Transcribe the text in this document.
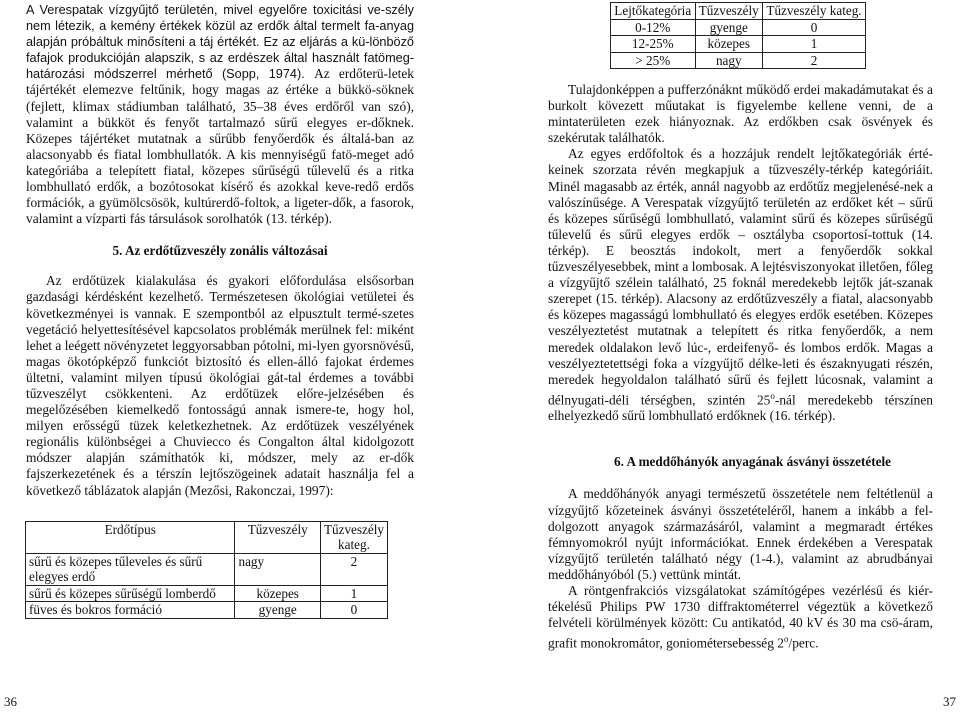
A Verespatak vízgyűjtő területén, mivel egyelőre toxicitási ve-szély nem létezik, a kemény értékek közül az erdők által termelt fa-anyag alapján próbáltuk minősíteni a táj értékét. Ez az eljárás a kü-lönböző fafajok produkcióján alapszik, s az erdészek által használt fatömeg-határozási módszerrel mérhető (Sopp, 1974). Az erdőterü-letek tájértékét elemezve feltűnik, hogy magas az értéke a bükkö-söknek (fejlett, klimax stádiumban található, 35–38 éves erdőről van szó), valamint a bükköt és fenyőt tartalmazó sűrű elegyes er-dőknek. Közepes tájértéket mutatnak a sűrűbb fenyőerdők és általá-ban az alacsonyabb és fiatal lombhullatók. A kis mennyiségű fatö-meget adó kategóriába a telepített fiatal, közepes sűrűségű tűlevelű és a ritka lombhullató erdők, a bozótosokat kísérő és azokkal keve-redő erdős formációk, a gyümölcsösök, kultúrerdő-foltok, a ligeter-dők, a fasorok, valamint a vízparti fás társulások sorolhatók (13. térkép).

5. Az erdőtűzveszély zonális változásai

Az erdőtüzek kialakulása és gyakori előfordulása elsősorban gazdasági kérdésként kezelhető. Természetesen ökológiai vetületei és következményei is vannak. E szempontból az elpusztult termé-szetes vegetáció helyettesítésével kapcsolatos problémák merülnek fel: miként lehet a leégett növényzetet leggyorsabban pótolni, mi-lyen gyorsnövésű, magas ökotópképző funkciót biztosító és ellen-álló fajokat érdemes ültetni, valamint milyen típusú ökológiai gát-tal érdemes a további tűzveszélyt csökkenteni. Az erdőtüzek előre-jelzésében és megelőzésében kiemelkedő fontosságú annak ismere-te, hogy hol, milyen erősségű tüzek keletkezhetnek. Az erdőtüzek veszélyének regionális különbségei a Chuviecco és Congalton által kidolgozott módszer alapján számíthatók ki, módszer, mely az er-dők fajszerkezetének és a térszín lejtőszögeinek adatait használja fel a következő táblázatok alapján (Mezősi, Rakonczai, 1997):

Erdőtípus	Tűzveszély	Tűzveszély kateg.
sűrű és közepes tűleveles és sűrű elegyes erdő	nagy	2
sűrű és közepes sűrűségű lomberdő	közepes	1
füves és bokros formáció	gyenge	0
36
Lejtőkategória	Tűzveszély	Tűzveszély kateg.
0-12%	gyenge	0
12-25%	közepes	1
> 25%	nagy	2

Tulajdonképpen a pufferzónáknt működő erdei makadámutakat és a burkolt kövezett műutakat is figyelembe kellene venni, de a mintaterületen ezek hiányoznak. Az erdőkben csak ösvények és szekérutak találhatók.

Az egyes erdőfoltok és a hozzájuk rendelt lejtőkategóriák érté-keinek szorzata révén megkapjuk a tűzveszély-térkép kategóriáit. Minél magasabb az érték, annál nagyobb az erdőtűz megjelenésé-nek a valószínűsége. A Verespatak vízgyűjtő területén az erdőket két – sűrű és közepes sűrűségű lombhullató, valamint sűrű és közepes sűrűségű tűlevelű és sűrű elegyes erdők – osztályba csoportosí-tottuk (14. térkép). E beosztás indokolt, mert a fenyőerdők sokkal tűzveszélyesebbek, mint a lombosak. A lejtésviszonyokat illetően, főleg a vízgyűjtő szélein található, 25 foknál meredekebb lejtők ját-szanak szerepet (15. térkép). Alacsony az erdőtűzveszély a fiatal, alacsonyabb és közepes magasságú lombhullató és elegyes erdők esetében. Közepes veszélyeztetést mutatnak a telepített és ritka fenyőerdők, a nem meredek oldalakon levő lúc-, erdeifenyő- és lombos erdők. Magas a veszélyeztetettségi foka a vízgyűjtő délke-leti és északnyugati részén, meredek hegyoldalon található sűrű és fejlett lúcosnak, valamint a délnyugati-déli térségben, szintén 25$^o$-nál meredekebb térszínen elhelyezkedő sűrű lombhullató erdőknek (16. térkép).

6. A meddőhányók anyagának ásványi összetétele

A meddőhányók anyagi természetű összetétele nem feltétlenül a vízgyűjtő kőzeteinek ásványi összetételéről, hanem a inkább a fel-dolgozott anyagok származásáról, valamint a megmaradt értékes fémnyomokról nyújt információkat. Ennek érdekében a Verespatak vízgyűjtő területén található négy (1-4.), valamint az abrudbányai meddőhányóból (5.) vettünk mintát.

A röntgenfrakciós vizsgálatokat számítógépes vezérlésű és kiér-tékelésű Philips PW 1730 diffraktométerrel végeztük a következő felvételi körülmények között: Cu antikatód, 40 kV és 30 ma csö-áram, grafit monokromátor, goniométersebesség 2$^o$/perc.

37
